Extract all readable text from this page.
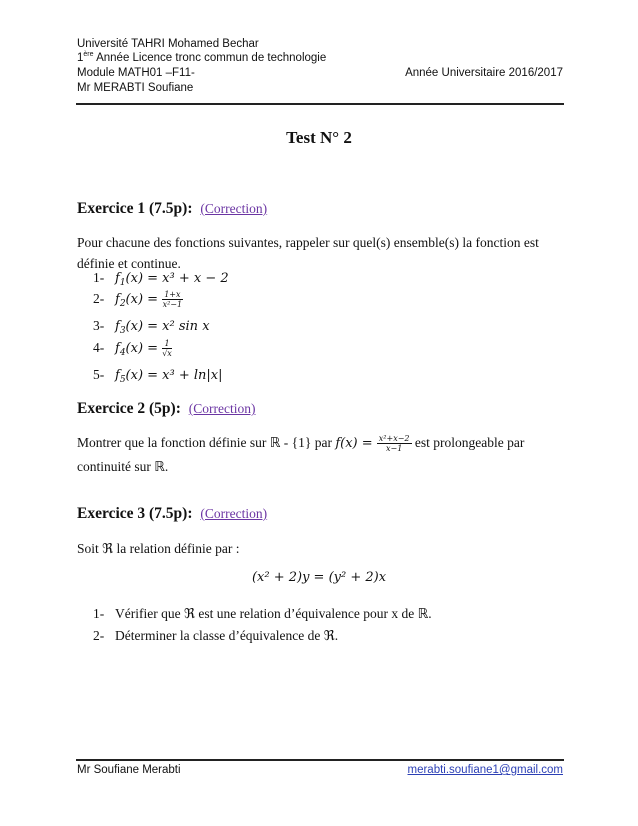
Université TAHRI Mohamed Bechar
1ère Année Licence tronc commun de technologie
Module MATH01 –F11-	Année Universitaire 2016/2017
Mr MERABTI Soufiane
Test N° 2
Exercice 1 (7.5p): (Correction)
Pour chacune des fonctions suivantes, rappeler sur quel(s) ensemble(s) la fonction est définie et continue.
1- $f_1(x) = x^3 + x - 2$
2- $f_2(x) = \frac{1+x}{\text{x²−1}}$
3- $f_3(x) = x^2$ sin x
4- $f_4(x) = \frac{1}{√x}$
5- $f_5(x) = x^3 + \ln|x|$
Exercice 2 (5p): (Correction)
Montrer que la fonction définie sur ℝ - {1} par $f(x) = \frac{\text{x²+x−2}}{x-1}$ est prolongeable par
continuité sur ℝ.
Exercice 3 (7.5p): (Correction)
Soit ℜ la relation définie par :
(x² + 2)y = (y² + 2)x
1- Vérifier que ℜ est une relation d’équivalence pour x de ℝ.
2- Déterminer la classe d’équivalence de ℜ.
Mr Soufiane Merabti	merabti.soufiane1@gmail.com
